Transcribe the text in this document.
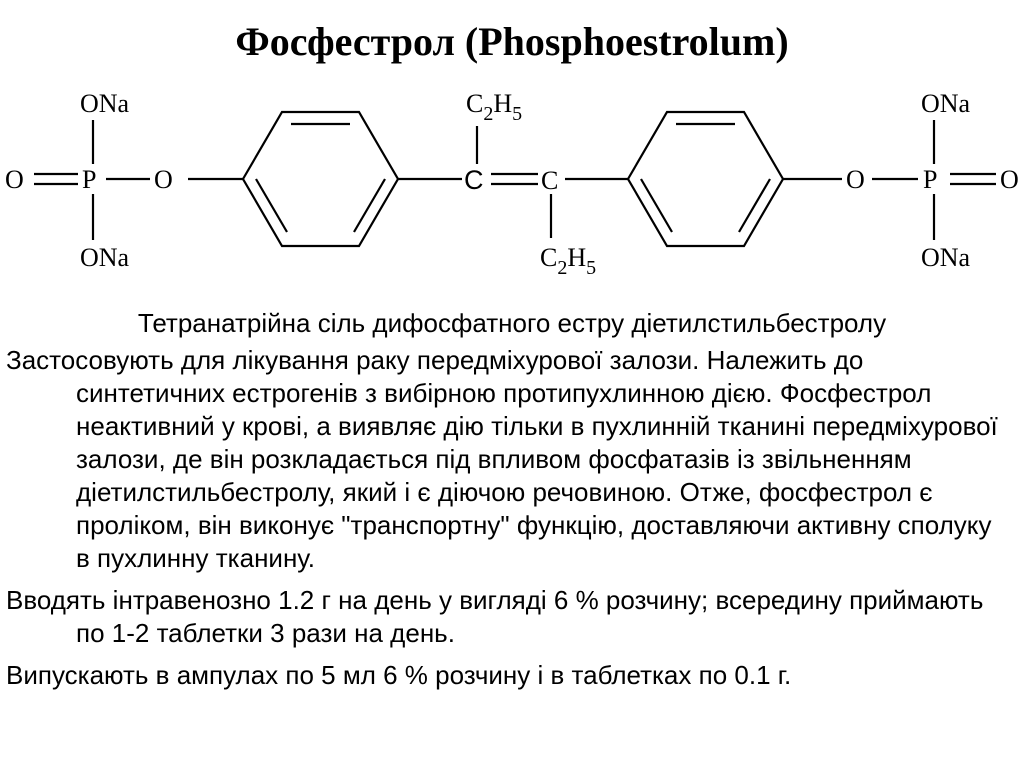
Фосфестрол (Phosphoestrolum)
ONa
O P O
ONa
C C
$C_2H_5$
$C_2H_5$
ONa
O P O
ONa
Тетранатрійна сіль дифосфатного естру діетилстильбестролу

Застосовують для лікування раку передміхурової залози. Належить до синтетичних естрогенів з вибірною протипухлинною дією. Фосфестрол неактивний у крові, а виявляє дію тільки в пухлинній тканині передміхурової залози, де він розкладається під впливом фосфатазів із звільненням діетилстильбестролу, який і є діючою речовиною. Отже, фосфестрол є проліком, він виконує "транспортну" функцію, доставляючи активну сполуку в пухлинну тканину.

Вводять інтравенозно 1.2 г на день у вигляді 6 % розчину; всередину приймають по 1-2 таблетки 3 рази на день.

Випускають в ампулах по 5 мл 6 % розчину і в таблетках по 0.1 г.
